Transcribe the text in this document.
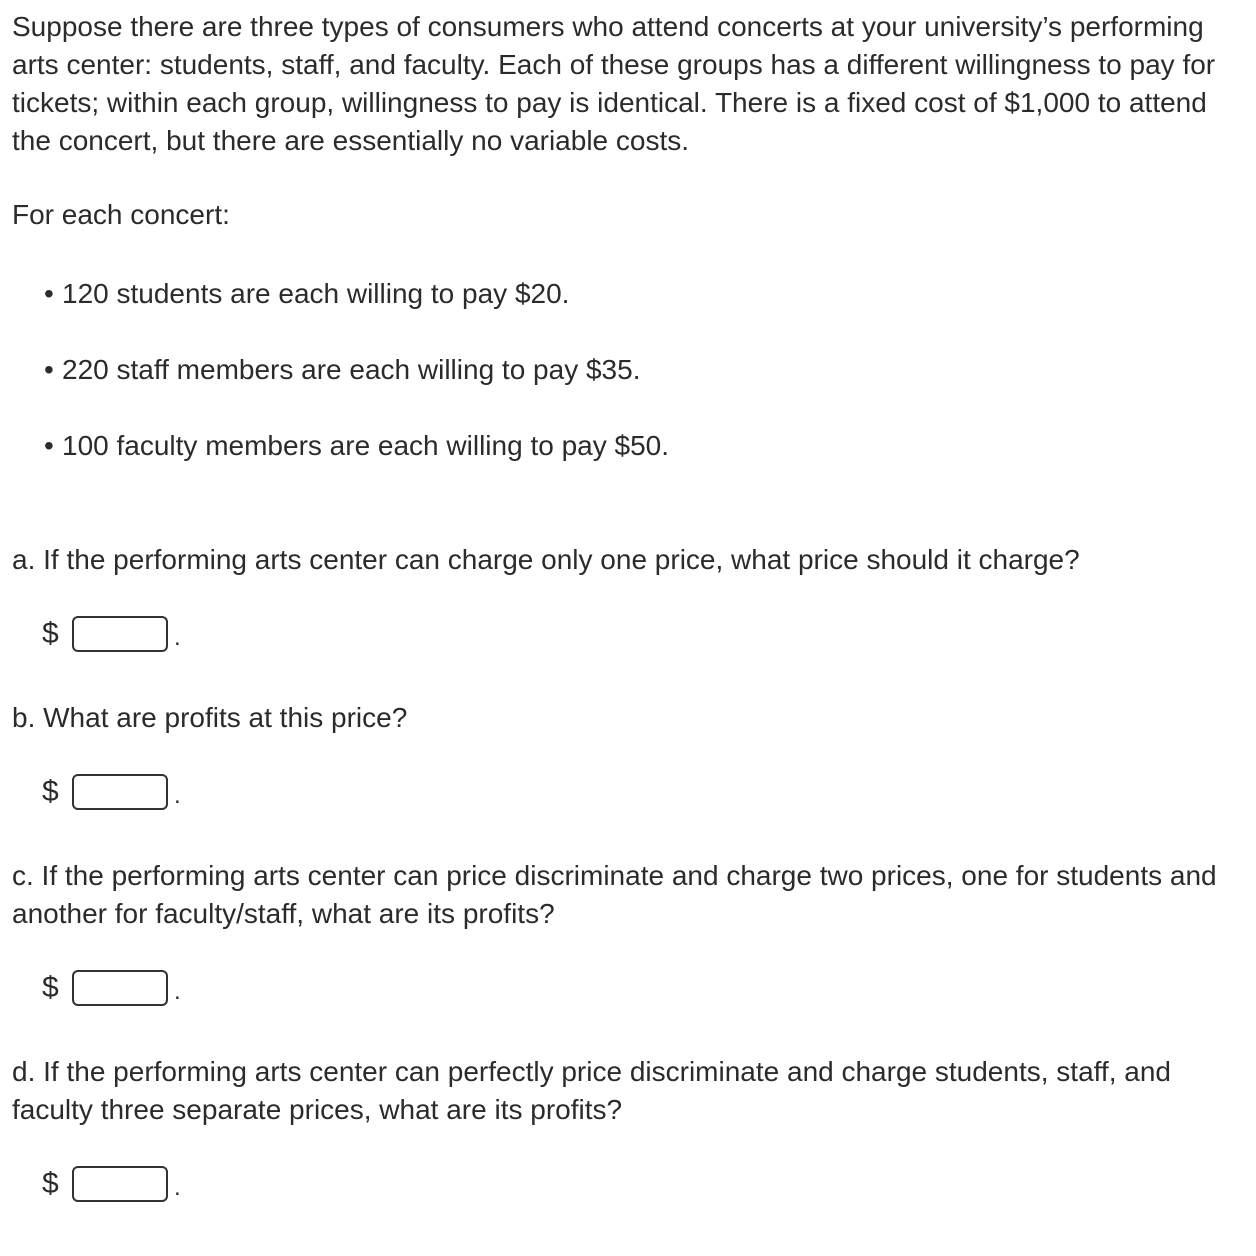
Suppose there are three types of consumers who attend concerts at your university’s performing arts center: students, staff, and faculty. Each of these groups has a different willingness to pay for tickets; within each group, willingness to pay is identical. There is a fixed cost of $1,000 to attend the concert, but there are essentially no variable costs.

For each concert:

• 120 students are each willing to pay $20.

• 220 staff members are each willing to pay $35.

• 100 faculty members are each willing to pay $50.

a. If the performing arts center can charge only one price, what price should it charge?

$	.

b. What are profits at this price?

$	.

c. If the performing arts center can price discriminate and charge two prices, one for students and another for faculty/staff, what are its profits?

$	.

d. If the performing arts center can perfectly price discriminate and charge students, staff, and faculty three separate prices, what are its profits?

$	.
